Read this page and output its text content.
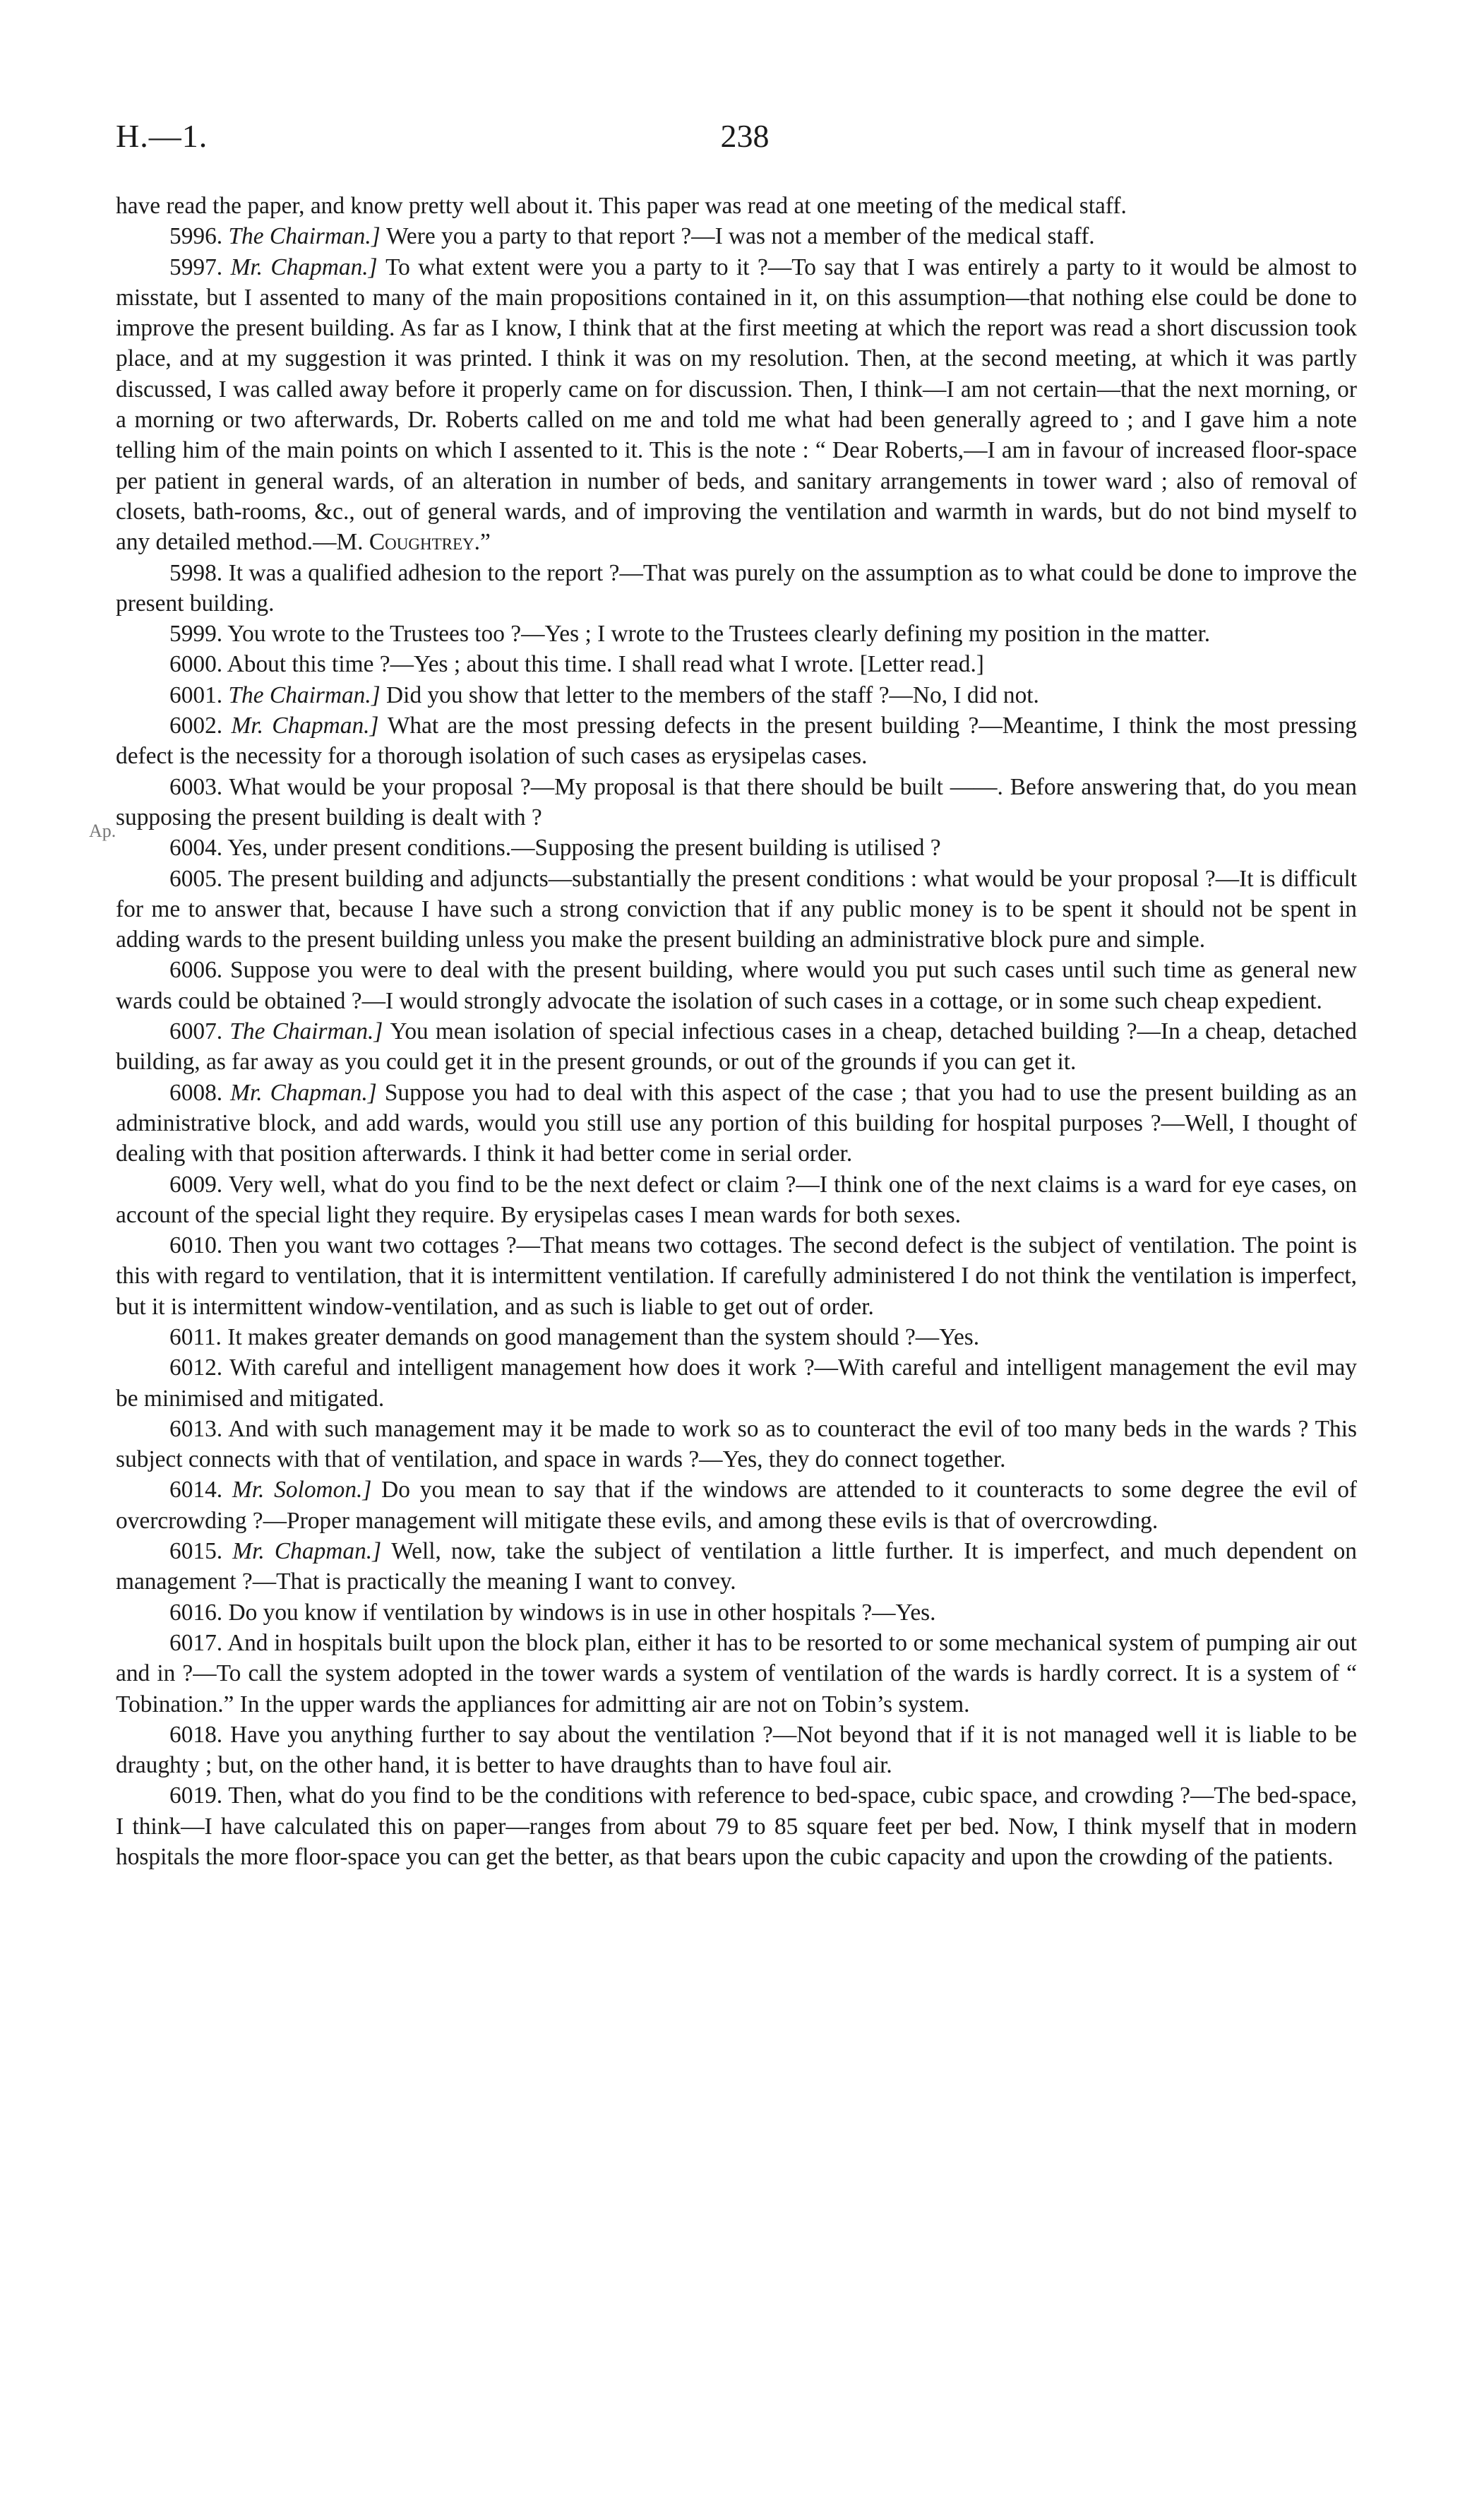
H.—1.	238
Ap.

have read the paper, and know pretty well about it. This paper was read at one meeting of the medical staff.

5996. The Chairman.] Were you a party to that report ?—I was not a member of the medical staff.

5997. Mr. Chapman.] To what extent were you a party to it ?—To say that I was entirely a party to it would be almost to misstate, but I assented to many of the main propositions contained in it, on this assumption—that nothing else could be done to improve the present building. As far as I know, I think that at the first meeting at which the report was read a short discussion took place, and at my suggestion it was printed. I think it was on my resolution. Then, at the second meeting, at which it was partly discussed, I was called away before it properly came on for discussion. Then, I think—I am not certain—that the next morning, or a morning or two afterwards, Dr. Roberts called on me and told me what had been generally agreed to ; and I gave him a note telling him of the main points on which I assented to it. This is the note : “ Dear Roberts,—I am in favour of increased floor-space per patient in general wards, of an alteration in number of beds, and sanitary arrangements in tower ward ; also of removal of closets, bath-rooms, &c., out of general wards, and of improving the ventilation and warmth in wards, but do not bind myself to any detailed method.—M. Coughtrey.”

5998. It was a qualified adhesion to the report ?—That was purely on the assumption as to what could be done to improve the present building.

5999. You wrote to the Trustees too ?—Yes ; I wrote to the Trustees clearly defining my position in the matter.

6000. About this time ?—Yes ; about this time. I shall read what I wrote. [Letter read.]

6001. The Chairman.] Did you show that letter to the members of the staff ?—No, I did not.

6002. Mr. Chapman.] What are the most pressing defects in the present building ?—Meantime, I think the most pressing defect is the necessity for a thorough isolation of such cases as erysipelas cases.

6003. What would be your proposal ?—My proposal is that there should be built ——. Before answering that, do you mean supposing the present building is dealt with ?

6004. Yes, under present conditions.—Supposing the present building is utilised ?

6005. The present building and adjuncts—substantially the present conditions : what would be your proposal ?—It is difficult for me to answer that, because I have such a strong conviction that if any public money is to be spent it should not be spent in adding wards to the present building unless you make the present building an administrative block pure and simple.

6006. Suppose you were to deal with the present building, where would you put such cases until such time as general new wards could be obtained ?—I would strongly advocate the isolation of such cases in a cottage, or in some such cheap expedient.

6007. The Chairman.] You mean isolation of special infectious cases in a cheap, detached building ?—In a cheap, detached building, as far away as you could get it in the present grounds, or out of the grounds if you can get it.

6008. Mr. Chapman.] Suppose you had to deal with this aspect of the case ; that you had to use the present building as an administrative block, and add wards, would you still use any portion of this building for hospital purposes ?—Well, I thought of dealing with that position afterwards. I think it had better come in serial order.

6009. Very well, what do you find to be the next defect or claim ?—I think one of the next claims is a ward for eye cases, on account of the special light they require. By erysipelas cases I mean wards for both sexes.

6010. Then you want two cottages ?—That means two cottages. The second defect is the subject of ventilation. The point is this with regard to ventilation, that it is intermittent ventilation. If carefully administered I do not think the ventilation is imperfect, but it is intermittent window-ventilation, and as such is liable to get out of order.

6011. It makes greater demands on good management than the system should ?—Yes.

6012. With careful and intelligent management how does it work ?—With careful and intelligent management the evil may be minimised and mitigated.

6013. And with such management may it be made to work so as to counteract the evil of too many beds in the wards ? This subject connects with that of ventilation, and space in wards ?—Yes, they do connect together.

6014. Mr. Solomon.] Do you mean to say that if the windows are attended to it counteracts to some degree the evil of overcrowding ?—Proper management will mitigate these evils, and among these evils is that of overcrowding.

6015. Mr. Chapman.] Well, now, take the subject of ventilation a little further. It is imperfect, and much dependent on management ?—That is practically the meaning I want to convey.

6016. Do you know if ventilation by windows is in use in other hospitals ?—Yes.

6017. And in hospitals built upon the block plan, either it has to be resorted to or some mechanical system of pumping air out and in ?—To call the system adopted in the tower wards a system of ventilation of the wards is hardly correct. It is a system of “ Tobination.” In the upper wards the appliances for admitting air are not on Tobin’s system.

6018. Have you anything further to say about the ventilation ?—Not beyond that if it is not managed well it is liable to be draughty ; but, on the other hand, it is better to have draughts than to have foul air.

6019. Then, what do you find to be the conditions with reference to bed-space, cubic space, and crowding ?—The bed-space, I think—I have calculated this on paper—ranges from about 79 to 85 square feet per bed. Now, I think myself that in modern hospitals the more floor-space you can get the better, as that bears upon the cubic capacity and upon the crowding of the patients.
